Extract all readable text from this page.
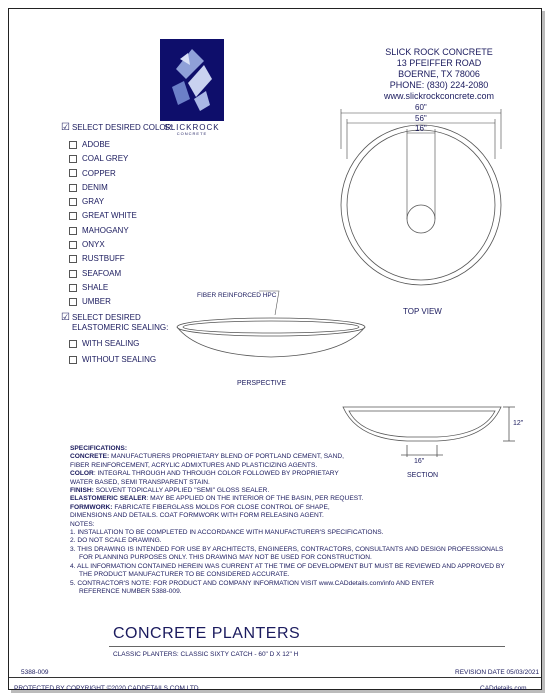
SLICKROCK
CONCRETE
SLICK ROCK CONCRETE
13 PFEIFFER ROAD
BOERNE, TX 78006
PHONE: (830) 224-2080
www.slickrockconcrete.com
☑ SELECT DESIRED COLOR:
ADOBE
COAL GREY
COPPER
DENIM
GRAY
GREAT WHITE
MAHOGANY
ONYX
RUSTBUFF
SEAFOAM
SHALE
UMBER
☑ SELECT DESIRED
ELASTOMERIC SEALING:
WITH SEALING
WITHOUT SEALING
60"
56"
16"
TOP VIEW
FIBER REINFORCED HPC
PERSPECTIVE
12"
16"
SECTION
SPECIFICATIONS:
CONCRETE: MANUFACTURERS PROPRIETARY BLEND OF PORTLAND CEMENT, SAND,
FIBER REINFORCEMENT, ACRYLIC ADMIXTURES AND PLASTICIZING AGENTS.
COLOR: INTEGRAL THROUGH AND THROUGH COLOR FOLLOWED BY PROPRIETARY
WATER BASED, SEMI TRANSPARENT STAIN.
FINISH: SOLVENT TOPICALLY APPLIED "SEMI" GLOSS SEALER.
ELASTOMERIC SEALER: MAY BE APPLIED ON THE INTERIOR OF THE BASIN, PER REQUEST.
FORMWORK: FABRICATE FIBERGLASS MOLDS FOR CLOSE CONTROL OF SHAPE,
DIMENSIONS AND DETAILS. COAT FORMWORK WITH FORM RELEASING AGENT.
NOTES:
1. INSTALLATION TO BE COMPLETED IN ACCORDANCE WITH MANUFACTURER'S SPECIFICATIONS.
2. DO NOT SCALE DRAWING.
3. THIS DRAWING IS INTENDED FOR USE BY ARCHITECTS, ENGINEERS, CONTRACTORS, CONSULTANTS AND DESIGN PROFESSIONALS
FOR PLANNING PURPOSES ONLY. THIS DRAWING MAY NOT BE USED FOR CONSTRUCTION.
4. ALL INFORMATION CONTAINED HEREIN WAS CURRENT AT THE TIME OF DEVELOPMENT BUT MUST BE REVIEWED AND APPROVED BY
THE PRODUCT MANUFACTURER TO BE CONSIDERED ACCURATE.
5. CONTRACTOR'S NOTE: FOR PRODUCT AND COMPANY INFORMATION VISIT www.CADdetails.com/info AND ENTER
REFERENCE NUMBER 5388-009.
CONCRETE PLANTERS
CLASSIC PLANTERS: CLASSIC SIXTY CATCH - 60" D X 12" H
5388-009	REVISION DATE 05/03/2021
PROTECTED BY COPYRIGHT ©2020 CADDETAILS.COM LTD.	CADdetails.com
